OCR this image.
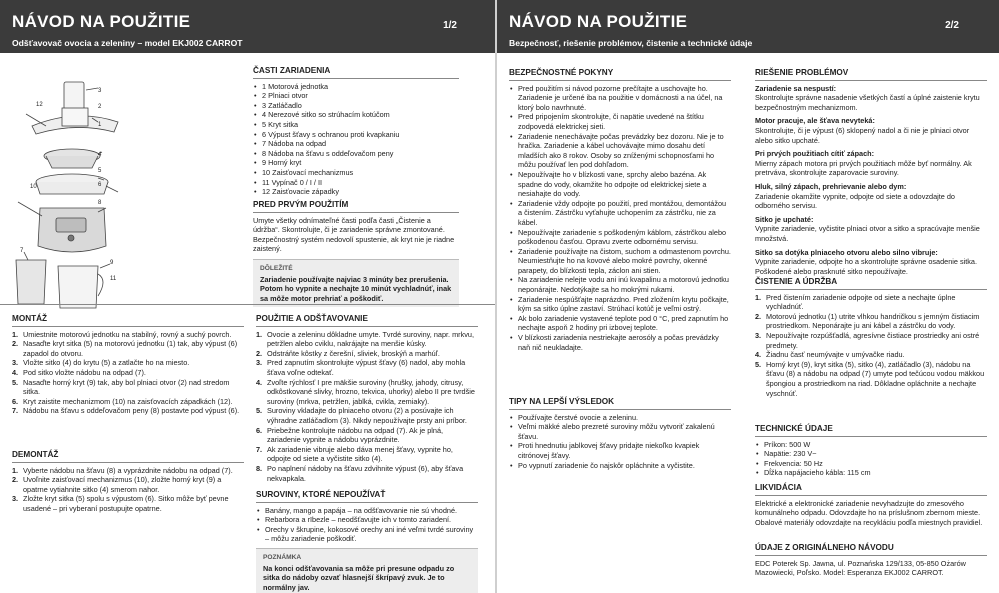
NÁVOD NA POUŽITIE
Odšťavovač ovocia a zeleniny – model EKJ002 CARROT
1/2
3
2
12
1
4
5
6
10
8
7
9
11
ČASTI ZARIADENIA
• 1 Motorová jednotka
• 2 Plniaci otvor
• 3 Zatláčadlo
• 4 Nerezové sitko so strúhacím kotúčom
• 5 Kryt sitka
• 6 Výpust šťavy s ochranou proti kvapkaniu
• 7 Nádoba na odpad
• 8 Nádoba na šťavu s oddeľovačom peny
• 9 Horný kryt
• 10 Zaisťovací mechanizmus
• 11 Vypínač 0 / I / II
• 12 Zaisťovacie západky
PRED PRVÝM POUŽITÍM

Umyte všetky odnímateľné časti podľa časti „Čistenie a údržba“. Skontrolujte, či je zariadenie správne zmontované. Bezpečnostný systém nedovolí spustenie, ak kryt nie je riadne zaistený.

DÔLEŽITÉ
Zariadenie používajte najviac 3 minúty bez prerušenia. Potom ho vypnite a nechajte 10 minút vychladnúť, inak sa môže motor prehriať a poškodiť.
MONTÁŽ
1. Umiestnite motorovú jednotku na stabilný, rovný a suchý povrch.
2. Nasaďte kryt sitka (5) na motorovú jednotku (1) tak, aby výpust (6) zapadol do otvoru.
3. Vložte sitko (4) do krytu (5) a zatlačte ho na miesto.
4. Pod sitko vložte nádobu na odpad (7).
5. Nasaďte horný kryt (9) tak, aby bol plniaci otvor (2) nad stredom sitka.
6. Kryt zaistite mechanizmom (10) na zaisťovacích západkách (12).
7. Nádobu na šťavu s oddeľovačom peny (8) postavte pod výpust (6).
DEMONTÁŽ
1. Vyberte nádobu na šťavu (8) a vyprázdnite nádobu na odpad (7).
2. Uvoľnite zaisťovací mechanizmus (10), zložte horný kryt (9) a opatrne vytiahnite sitko (4) smerom nahor.
3. Zložte kryt sitka (5) spolu s výpustom (6). Sitko môže byť pevne usadené – pri vyberaní postupujte opatrne.
POUŽITIE A ODŠŤAVOVANIE
1. Ovocie a zeleninu dôkladne umyte. Tvrdé suroviny, napr. mrkvu, petržlen alebo cviklu, nakrájajte na menšie kúsky.
2. Odstráňte kôstky z čerešní, sliviek, broskýň a marhúľ.
3. Pred zapnutím skontrolujte výpust šťavy (6) nadol, aby mohla šťava voľne odtekať.
4. Zvoľte rýchlosť I pre mäkšie suroviny (hrušky, jahody, citrusy, odkôstkované slivky, hrozno, tekvica, uhorky) alebo II pre tvrdšie suroviny (mrkva, petržlen, jablká, cvikla, zemiaky).
5. Suroviny vkladajte do plniaceho otvoru (2) a posúvajte ich výhradne zatláčadlom (3). Nikdy nepoužívajte prsty ani príbor.
6. Priebežne kontrolujte nádobu na odpad (7). Ak je plná, zariadenie vypnite a nádobu vyprázdnite.
7. Ak zariadenie vibruje alebo dáva menej šťavy, vypnite ho, odpojte od siete a vyčistite sitko (4).
8. Po naplnení nádoby na šťavu zdvihnite výpust (6), aby šťava nekvapkala.
SUROVINY, KTORÉ NEPOUŽÍVAŤ
• Banány, mango a papája – na odšťavovanie nie sú vhodné.
• Rebarbora a rïbezle – neodšťavujte ich v tomto zariadení.
• Orechy v škrupine, kokosové orechy ani iné veľmi tvrdé suroviny – môžu zariadenie poškodiť.
POZNÁMKA
Na konci odšťavovania sa môže pri presune odpadu zo sitka do nádoby ozvať hlasnejší škrípavý zvuk. Je to normálny jav.
NÁVOD NA POUŽITIE
Bezpečnosť, riešenie problémov, čistenie a technické údaje
2/2
BEZPEČNOSTNÉ POKYNY
• Pred použitím si návod pozorne prečítajte a uschovajte ho. Zariadenie je určené iba na použitie v domácnosti a na účel, na ktorý bolo navrhnuté.
• Pred pripojením skontrolujte, či napätie uvedené na štítku zodpovedá elektrickej sieti.
• Zariadenie nenechávajte počas prevádzky bez dozoru. Nie je to hračka. Zariadenie a kábel uchovávajte mimo dosahu detí mladších ako 8 rokov. Osoby so zníženými schopnosťami ho môžu používať len pod dohľadom.
• Nepoužívajte ho v blízkosti vane, sprchy alebo bazéna. Ak spadne do vody, okamžite ho odpojte od elektrickej siete a nesiahajte do vody.
• Zariadenie vždy odpojte po použití, pred montážou, demontážou a čistením. Zástrčku vyťahujte uchopením za zástrčku, nie za kábel.
• Nepoužívajte zariadenie s poškodeným káblom, zástrčkou alebo poškodenou časťou. Opravu zverte odbornému servisu.
• Zariadenie používajte na čistom, suchom a odmastenom povrchu. Neumiestňujte ho na kovové alebo mokré povrchy, okenné parapety, do blízkosti tepla, záclon ani stien.
• Na zariadenie nelejte vodu ani inú kvapalinu a motorovú jednotku neponárajte. Nedotýkajte sa ho mokrými rukami.
• Zariadenie nespúšťajte naprázdno. Pred zložením krytu počkajte, kým sa sitko úplne zastaví. Strúhací kotúč je veľmi ostrý.
• Ak bolo zariadenie vystavené teplote pod 0 °C, pred zapnutím ho nechajte aspoň 2 hodiny pri izbovej teplote.
• V blízkosti zariadenia nestriekajte aerosóly a počas prevádzky naň nič neukladajte.
TIPY NA LEPŠÍ VÝSLEDOK
• Používajte čerstvé ovocie a zeleninu.
• Veľmi mäkké alebo prezreté suroviny môžu vytvoriť zakalenú šťavu.
• Proti hnednutiu jablkovej šťavy pridajte niekoľko kvapiek citrónovej šťavy.
• Po vypnutí zariadenie čo najskôr opláchnite a vyčistite.
RIEŠENIE PROBLÉMOV
Zariadenie sa nespustí:
Skontrolujte správne nasadenie všetkých častí a úplné zaistenie krytu bezpečnostným mechanizmom.
Motor pracuje, ale šťava nevyteká:
Skontrolujte, či je výpust (6) sklopený nadol a či nie je plniaci otvor alebo sitko upchaté.
Pri prvých použitiach cítiť zápach:
Mierny zápach motora pri prvých použitiach môže byť normálny. Ak pretrváva, skontrolujte zaparovacie suroviny.
Hluk, silný zápach, prehrievanie alebo dym:
Zariadenie okamžite vypnite, odpojte od siete a odovzdajte do odborného servisu.
Sitko je upchaté:
Vypnite zariadenie, vyčistite plniaci otvor a sitko a spracúvajte menšie množstvá.
Sitko sa dotýka plniaceho otvoru alebo silno vibruje:
Vypnite zariadenie, odpojte ho a skontrolujte správne osadenie sitka. Poškodené alebo prasknuté sitko nepoužívajte.
ČISTENIE A ÚDRŽBA
1. Pred čistením zariadenie odpojte od siete a nechajte úplne vychladnúť.
2. Motorovú jednotku (1) utrite vlhkou handričkou s jemným čistiacim prostriedkom. Neponárajte ju ani kábel a zástrčku do vody.
3. Nepoužívajte rozpúšťadlá, agresívne čistiace prostriedky ani ostré predmety.
4. Žiadnu časť neumývajte v umývačke riadu.
5. Horný kryt (9), kryt sitka (5), sitko (4), zatláčadlo (3), nádobu na šťavu (8) a nádobu na odpad (7) umyte pod tečúcou vodou mäkkou špongiou a prostriedkom na riad. Dôkladne opláchnite a nechajte vyschnúť.
TECHNICKÉ ÚDAJE
• Príkon: 500 W
• Napätie: 230 V~
• Frekvencia: 50 Hz
• Dĺžka napájacieho kábla: 115 cm
LIKVIDÁCIA

Elektrické a elektronické zariadenie nevyhadzujte do zmesového komunálneho odpadu. Odovzdajte ho na príslušnom zbernom mieste. Obalové materiály odovzdajte na recykláciu podľa miestnych pravidiel.

ÚDAJE Z ORIGINÁLNEHO NÁVODU

EDC Poterek Sp. Jawna, ul. Poznańska 129/133, 05-850 Ożarów Mazowiecki, Poľsko. Model: Esperanza EKJ002 CARROT.
